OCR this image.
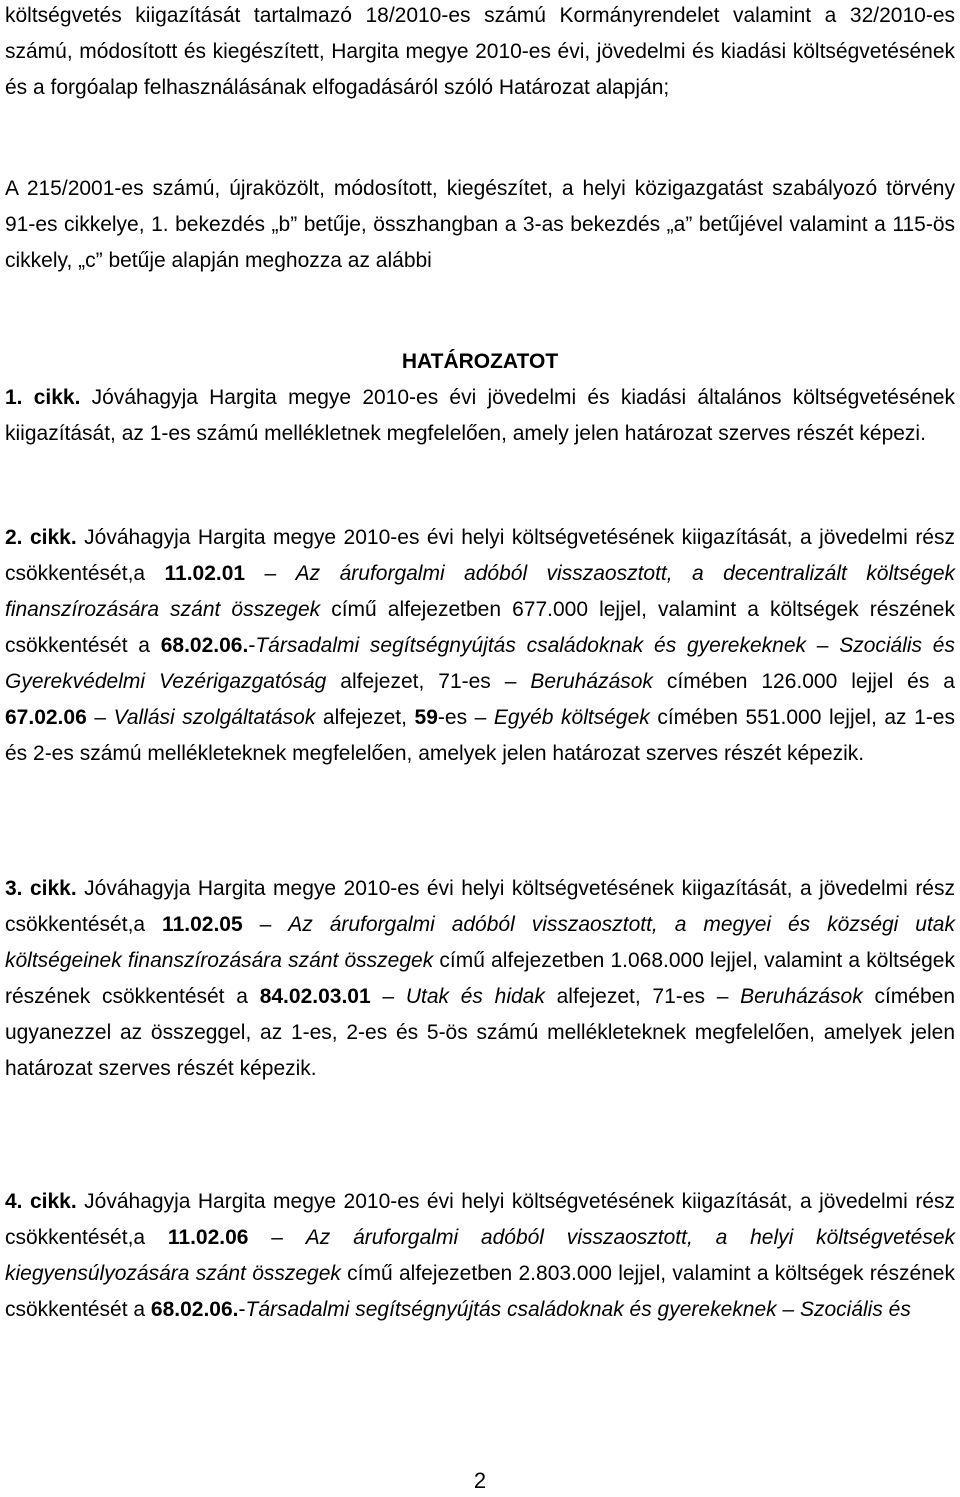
költségvetés kiigazítását tartalmazó 18/2010-es számú Kormányrendelet valamint a 32/2010-es számú, módosított és kiegészített, Hargita megye 2010-es évi, jövedelmi és kiadási költségvetésének és a forgóalap felhasználásának elfogadásáról szóló Határozat alapján;

A 215/2001-es számú, újraközölt, módosított, kiegészítet, a helyi közigazgatást szabályozó törvény 91-es cikkelye, 1. bekezdés „b” betűje, összhangban a 3-as bekezdés „a” betűjével valamint a 115-ös cikkely, „c” betűje alapján meghozza az alábbi

HATÁROZATOT

1. cikk. Jóváhagyja Hargita megye 2010-es évi jövedelmi és kiadási általános költségvetésének kiigazítását, az 1-es számú mellékletnek megfelelően, amely jelen határozat szerves részét képezi.

2. cikk. Jóváhagyja Hargita megye 2010-es évi helyi költségvetésének kiigazítását, a jövedelmi rész csökkentését,a 11.02.01 – Az áruforgalmi adóból visszaosztott, a decentralizált költségek finanszírozására szánt összegek című alfejezetben 677.000 lejjel, valamint a költségek részének csökkentését a 68.02.06.-Társadalmi segítségnyújtás családoknak és gyerekeknek – Szociális és Gyerekvédelmi Vezérigazgatóság alfejezet, 71-es – Beruházások címében 126.000 lejjel és a 67.02.06 – Vallási szolgáltatások alfejezet, 59-es – Egyéb költségek címében 551.000 lejjel, az 1-es és 2-es számú mellékleteknek megfelelően, amelyek jelen határozat szerves részét képezik.

3. cikk. Jóváhagyja Hargita megye 2010-es évi helyi költségvetésének kiigazítását, a jövedelmi rész csökkentését,a 11.02.05 – Az áruforgalmi adóból visszaosztott, a megyei és községi utak költségeinek finanszírozására szánt összegek című alfejezetben 1.068.000 lejjel, valamint a költségek részének csökkentését a 84.02.03.01 – Utak és hidak alfejezet, 71-es – Beruházások címében ugyanezzel az összeggel, az 1-es, 2-es és 5-ös számú mellékleteknek megfelelően, amelyek jelen határozat szerves részét képezik.

4. cikk. Jóváhagyja Hargita megye 2010-es évi helyi költségvetésének kiigazítását, a jövedelmi rész csökkentését,a 11.02.06 – Az áruforgalmi adóból visszaosztott, a helyi költségvetések kiegyensúlyozására szánt összegek című alfejezetben 2.803.000 lejjel, valamint a költségek részének csökkentését a 68.02.06.-Társadalmi segítségnyújtás családoknak és gyerekeknek – Szociális és

2
